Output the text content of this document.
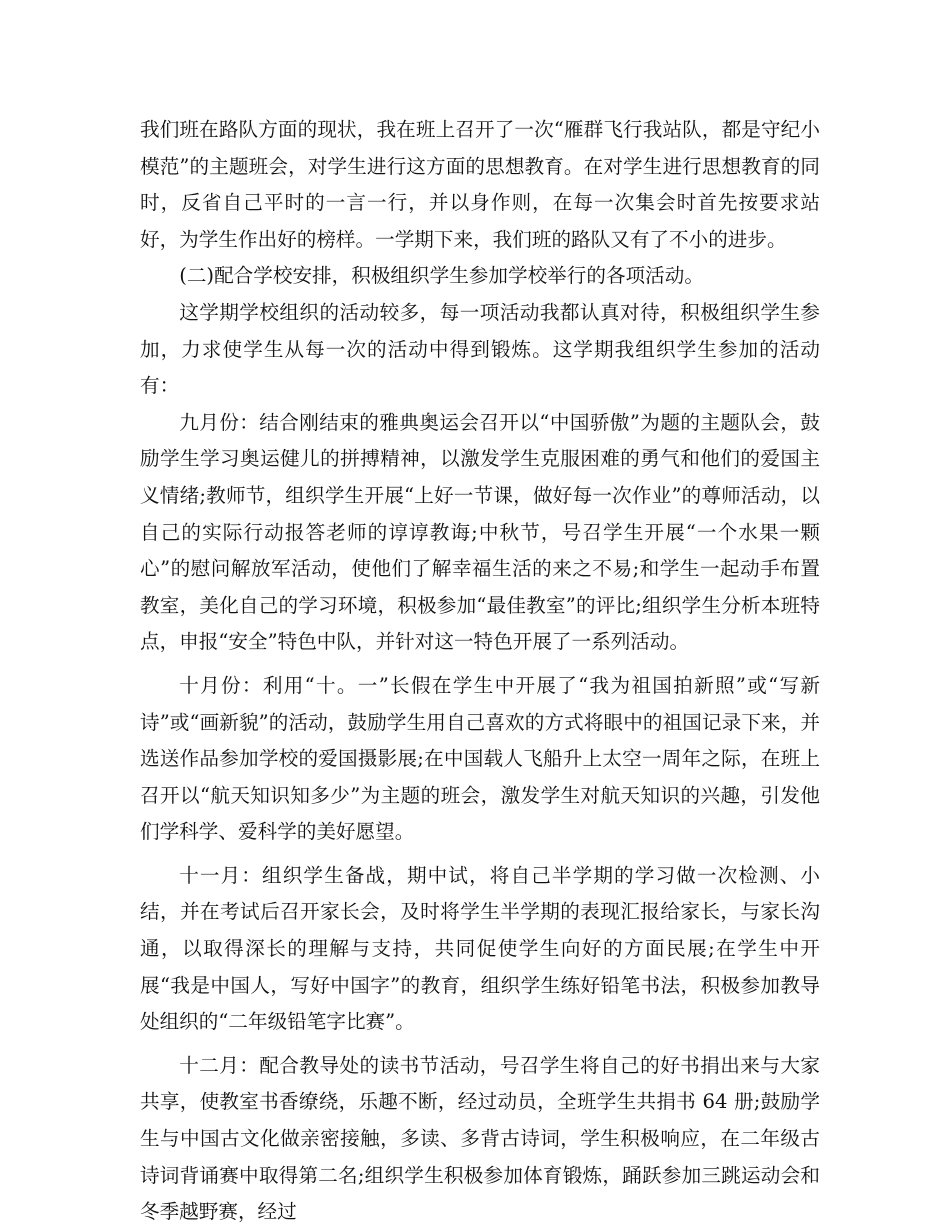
我们班在路队方面的现状，我在班上召开了一次“雁群飞行我站队，都是守纪小模范”的主题班会，对学生进行这方面的思想教育。在对学生进行思想教育的同时，反省自己平时的一言一行，并以身作则，在每一次集会时首先按要求站好，为学生作出好的榜样。一学期下来，我们班的路队又有了不小的进步。

(二)配合学校安排，积极组织学生参加学校举行的各项活动。

这学期学校组织的活动较多，每一项活动我都认真对待，积极组织学生参加，力求使学生从每一次的活动中得到锻炼。这学期我组织学生参加的活动有：

九月份：结合刚结束的雅典奥运会召开以“中国骄傲”为题的主题队会，鼓励学生学习奥运健儿的拼搏精神，以激发学生克服困难的勇气和他们的爱国主义情绪;教师节，组织学生开展“上好一节课，做好每一次作业”的尊师活动，以自己的实际行动报答老师的谆谆教诲;中秋节，号召学生开展“一个水果一颗心”的慰问解放军活动，使他们了解幸福生活的来之不易;和学生一起动手布置教室，美化自己的学习环境，积极参加“最佳教室”的评比;组织学生分析本班特点，申报“安全”特色中队，并针对这一特色开展了一系列活动。

十月份：利用“十。一”长假在学生中开展了“我为祖国拍新照”或“写新诗”或“画新貌”的活动，鼓励学生用自己喜欢的方式将眼中的祖国记录下来，并选送作品参加学校的爱国摄影展;在中国载人飞船升上太空一周年之际，在班上召开以“航天知识知多少”为主题的班会，激发学生对航天知识的兴趣，引发他们学科学、爱科学的美好愿望。

十一月：组织学生备战，期中试，将自己半学期的学习做一次检测、小结，并在考试后召开家长会，及时将学生半学期的表现汇报给家长，与家长沟通，以取得深长的理解与支持，共同促使学生向好的方面民展;在学生中开展“我是中国人，写好中国字”的教育，组织学生练好铅笔书法，积极参加教导处组织的“二年级铅笔字比赛”。

十二月：配合教导处的读书节活动，号召学生将自己的好书捐出来与大家共享，使教室书香缭绕，乐趣不断，经过动员，全班学生共捐书 64 册;鼓励学生与中国古文化做亲密接触，多读、多背古诗词，学生积极响应，在二年级古诗词背诵赛中取得第二名;组织学生积极参加体育锻炼，踊跃参加三跳运动会和冬季越野赛，经过
